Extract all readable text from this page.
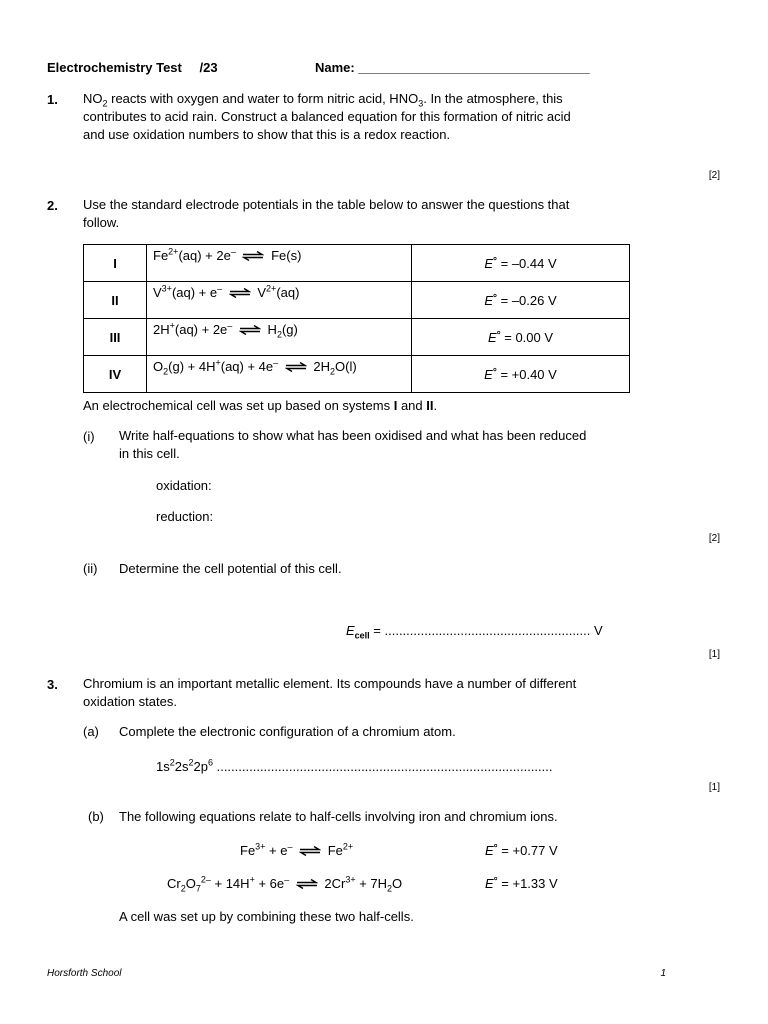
Electrochemistry Test /23	Name: ________________________________
1. $NO_2$ reacts with oxygen and water to form nitric acid, $HNO_3$. In the atmosphere, this
contributes to acid rain. Construct a balanced equation for this formation of nitric acid
and use oxidation numbers to show that this is a redox reaction.
[2]
2. Use the standard electrode potentials in the table below to answer the questions that
follow.
I	$Fe^{2+}(aq) + 2e^-$ ⇌ Fe(s)	E° = –0.44 V
II	$V^{3+}(aq) + e^-$ ⇌ $V^{2+}(aq)$	E° = –0.26 V
III	2H+(aq) + 2e– ⇌ $H_2(g)$	E° = 0.00 V
IV	$O_2(g) + 4H^+(aq) + 4e^-$ ⇌ $2H_2O(l)$	E° = +0.40 V
An electrochemical cell was set up based on systems I and II.
(i) Write half-equations to show what has been oxidised and what has been reduced
in this cell.
oxidation:
reduction:
[2]
(ii) Determine the cell potential of this cell.
$E_{cell}$ = ......................................................... V
[1]
3. Chromium is an important metallic element. Its compounds have a number of different
oxidation states.
(a) Complete the electronic configuration of a chromium atom.
$1s^22s^22p^6$ .............................................................................................
[1]
(b) The following equations relate to half-cells involving iron and chromium ions.
$Fe^{3+} + e^-$ ⇌ $Fe^{2+}$	E° = +0.77 V
$Cr_2O_7^{2-} + 14H^+ + 6e^-$ ⇌ $2Cr^{3+} + 7H_2O$	E° = +1.33 V
A cell was set up by combining these two half-cells.
Horsforth School	1
